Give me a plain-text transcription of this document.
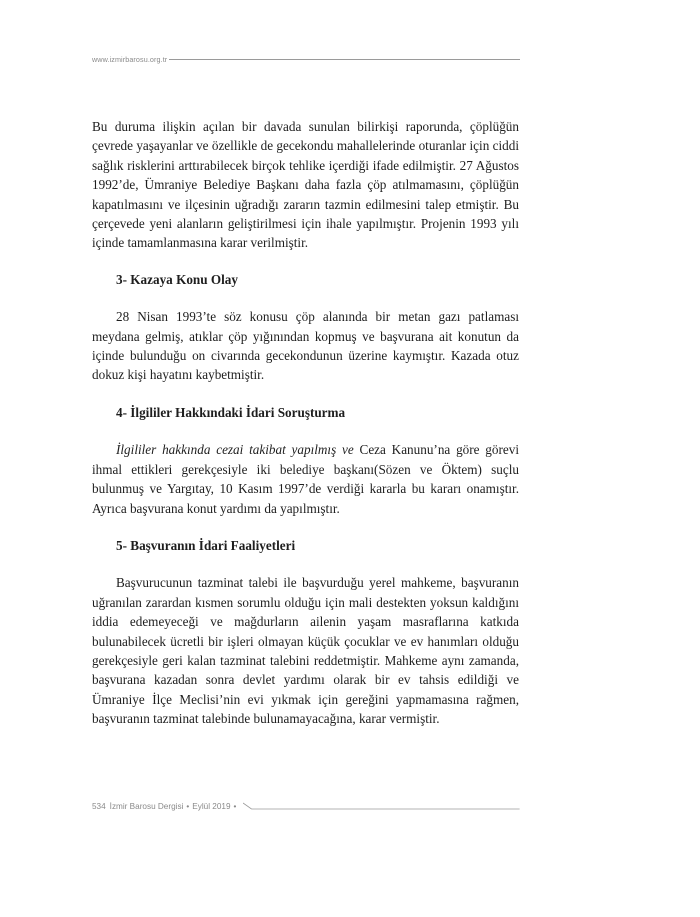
www.izmirbarosu.org.tr

Bu duruma ilişkin açılan bir davada sunulan bilirkişi raporunda, çöplüğün çevrede yaşayanlar ve özellikle de gecekondu mahallelerinde oturanlar için ciddi sağlık risklerini arttırabilecek birçok tehlike içerdiği ifade edilmiştir. 27 Ağustos 1992’de, Ümraniye Belediye Başkanı daha fazla çöp atılmamasını, çöplüğün kapatılmasını ve ilçesinin uğradığı zararın tazmin edilmesini talep etmiştir. Bu çerçevede yeni alanların geliştirilmesi için ihale yapılmıştır. Projenin 1993 yılı içinde tamamlanmasına karar verilmiştir.

3- Kazaya Konu Olay

28 Nisan 1993’te söz konusu çöp alanında bir metan gazı patlaması meydana gelmiş, atıklar çöp yığınından kopmuş ve başvurana ait konutun da içinde bulunduğu on civarında gecekondunun üzerine kaymıştır. Kazada otuz dokuz kişi hayatını kaybetmiştir.

4- İlgililer Hakkındaki İdari Soruşturma

İlgililer hakkında cezai takibat yapılmış ve Ceza Kanunu’na göre görevi ihmal ettikleri gerekçesiyle iki belediye başkanı(Sözen ve Öktem) suçlu bulunmuş ve Yargıtay, 10 Kasım 1997’de verdiği kararla bu kararı onamıştır. Ayrıca başvurana konut yardımı da yapılmıştır.

5- Başvuranın İdari Faaliyetleri

Başvurucunun tazminat talebi ile başvurduğu yerel mahkeme, başvuranın uğranılan zarardan kısmen sorumlu olduğu için mali destekten yoksun kaldığını iddia edemeyeceği ve mağdurların ailenin yaşam masraflarına katkıda bulunabilecek ücretli bir işleri olmayan küçük çocuklar ve ev hanımları olduğu gerekçesiyle geri kalan tazminat talebini reddetmiştir. Mahkeme aynı zamanda, başvurana kazadan sonra devlet yardımı olarak bir ev tahsis edildiği ve Ümraniye İlçe Meclisi’nin evi yıkmak için gereğini yapmamasına rağmen, başvuranın tazminat talebinde bulunamayacağına, karar vermiştir.

534 İzmir Barosu Dergisi • Eylül 2019 •
